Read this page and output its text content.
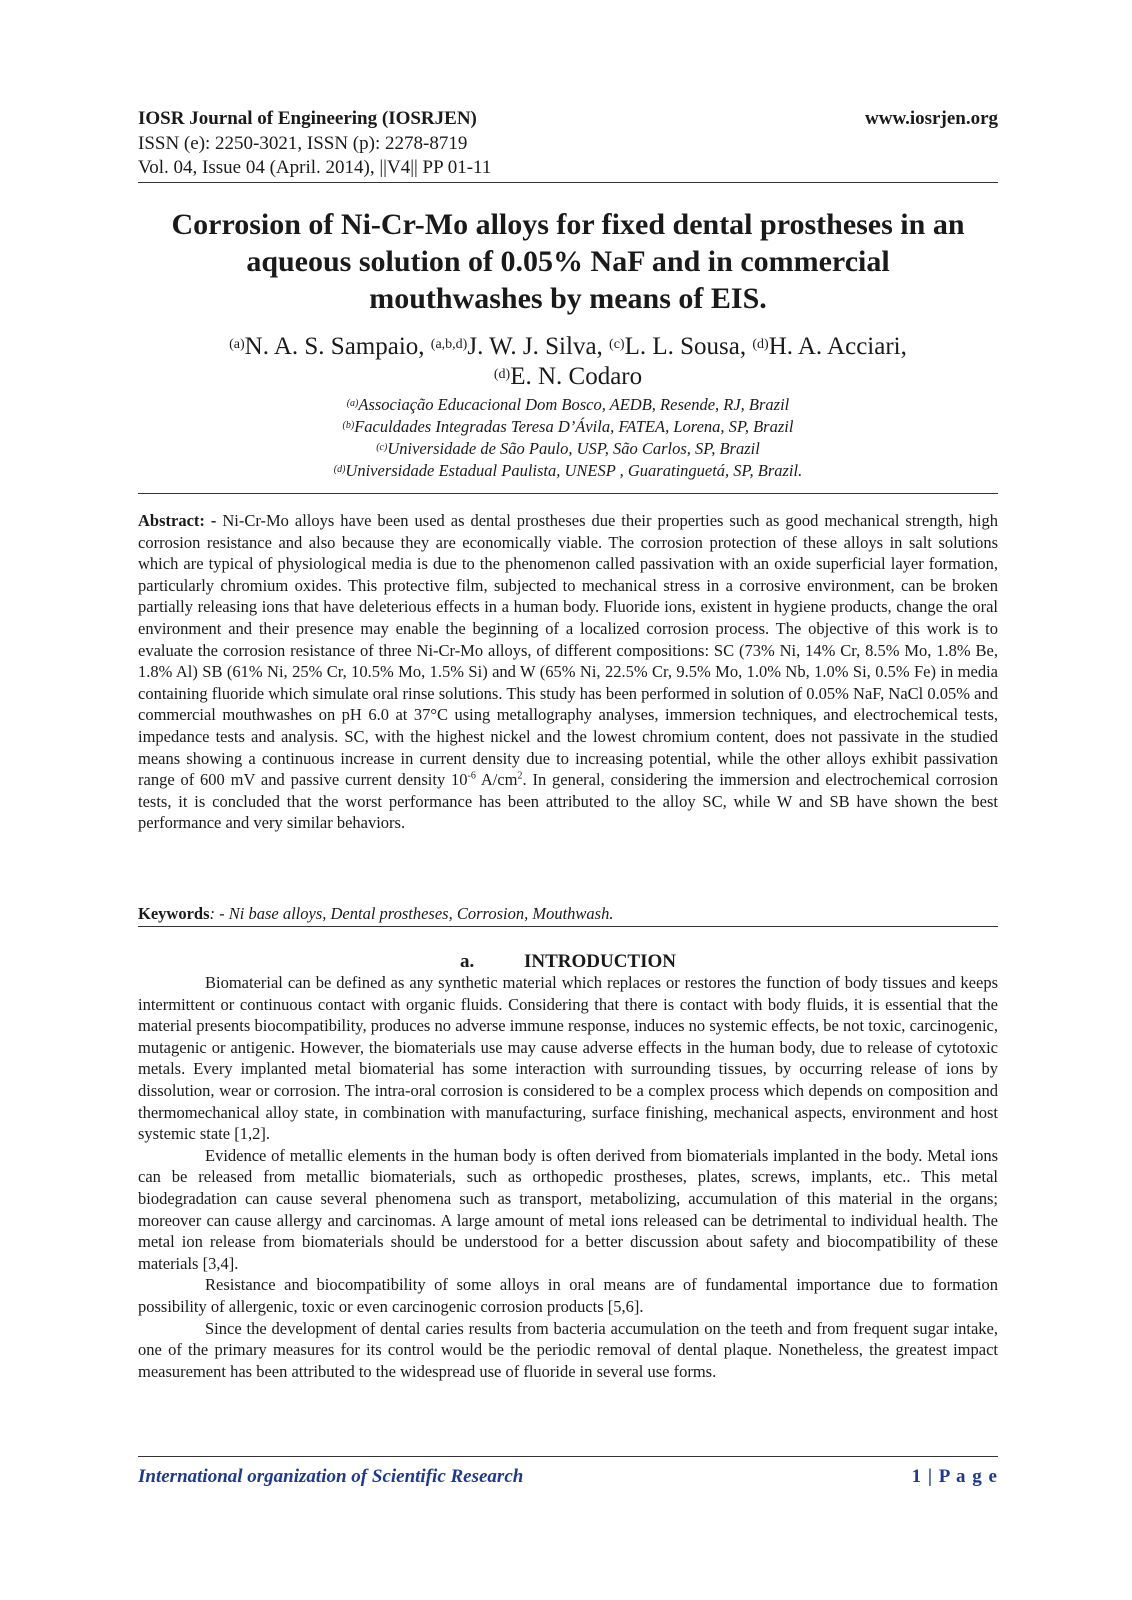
IOSR Journal of Engineering (IOSRJEN)	www.iosrjen.org
ISSN (e): 2250-3021, ISSN (p): 2278-8719
Vol. 04, Issue 04 (April. 2014), ||V4|| PP 01-11
Corrosion of Ni-Cr-Mo alloys for fixed dental prostheses in an
aqueous solution of 0.05% NaF and in commercial
mouthwashes by means of EIS.
$^{(a)}$N. A. S. Sampaio, $^{(a,b,d)}$J. W. J. Silva, $^{(c)}$L. L. Sousa, $^{(d)}$H. A. Acciari,
$^{(d)}$E. N. Codaro
$^{(a)}$Associação Educacional Dom Bosco, AEDB, Resende, RJ, Brazil
$^{(b)}$Faculdades Integradas Teresa D’Ávila, FATEA, Lorena, SP, Brazil
$^{(c)}$Universidade de São Paulo, USP, São Carlos, SP, Brazil
$^{(d)}$Universidade Estadual Paulista, UNESP , Guaratinguetá, SP, Brazil.
Abstract: - Ni-Cr-Mo alloys have been used as dental prostheses due their properties such as good mechanical strength, high corrosion resistance and also because they are economically viable. The corrosion protection of these alloys in salt solutions which are typical of physiological media is due to the phenomenon called passivation with an oxide superficial layer formation, particularly chromium oxides. This protective film, subjected to mechanical stress in a corrosive environment, can be broken partially releasing ions that have deleterious effects in a human body. Fluoride ions, existent in hygiene products, change the oral environment and their presence may enable the beginning of a localized corrosion process. The objective of this work is to evaluate the corrosion resistance of three Ni-Cr-Mo alloys, of different compositions: SC (73% Ni, 14% Cr, 8.5% Mo, 1.8% Be, 1.8% Al) SB (61% Ni, 25% Cr, 10.5% Mo, 1.5% Si) and W (65% Ni, 22.5% Cr, 9.5% Mo, 1.0% Nb, 1.0% Si, 0.5% Fe) in media containing fluoride which simulate oral rinse solutions. This study has been performed in solution of 0.05% NaF, NaCl 0.05% and commercial mouthwashes on pH 6.0 at 37°C using metallography analyses, immersion techniques, and electrochemical tests, impedance tests and analysis. SC, with the highest nickel and the lowest chromium content, does not passivate in the studied means showing a continuous increase in current density due to increasing potential, while the other alloys exhibit passivation range of 600 mV and passive current density $10^{-6}$ $A/cm^2$. In general, considering the immersion and electrochemical corrosion tests, it is concluded that the worst performance has been attributed to the alloy SC, while W and SB have shown the best performance and very similar behaviors.
Keywords: - Ni base alloys, Dental prostheses, Corrosion, Mouthwash.
a.	INTRODUCTION

Biomaterial can be defined as any synthetic material which replaces or restores the function of body tissues and keeps intermittent or continuous contact with organic fluids. Considering that there is contact with body fluids, it is essential that the material presents biocompatibility, produces no adverse immune response, induces no systemic effects, be not toxic, carcinogenic, mutagenic or antigenic. However, the biomaterials use may cause adverse effects in the human body, due to release of cytotoxic metals. Every implanted metal biomaterial has some interaction with surrounding tissues, by occurring release of ions by dissolution, wear or corrosion. The intra-oral corrosion is considered to be a complex process which depends on composition and thermomechanical alloy state, in combination with manufacturing, surface finishing, mechanical aspects, environment and host systemic state [1,2].

Evidence of metallic elements in the human body is often derived from biomaterials implanted in the body. Metal ions can be released from metallic biomaterials, such as orthopedic prostheses, plates, screws, implants, etc.. This metal biodegradation can cause several phenomena such as transport, metabolizing, accumulation of this material in the organs; moreover can cause allergy and carcinomas. A large amount of metal ions released can be detrimental to individual health. The metal ion release from biomaterials should be understood for a better discussion about safety and biocompatibility of these materials [3,4].

Resistance and biocompatibility of some alloys in oral means are of fundamental importance due to formation possibility of allergenic, toxic or even carcinogenic corrosion products [5,6].

Since the development of dental caries results from bacteria accumulation on the teeth and from frequent sugar intake, one of the primary measures for its control would be the periodic removal of dental plaque. Nonetheless, the greatest impact measurement has been attributed to the widespread use of fluoride in several use forms.

International organization of Scientific Research	1 | P a g e
